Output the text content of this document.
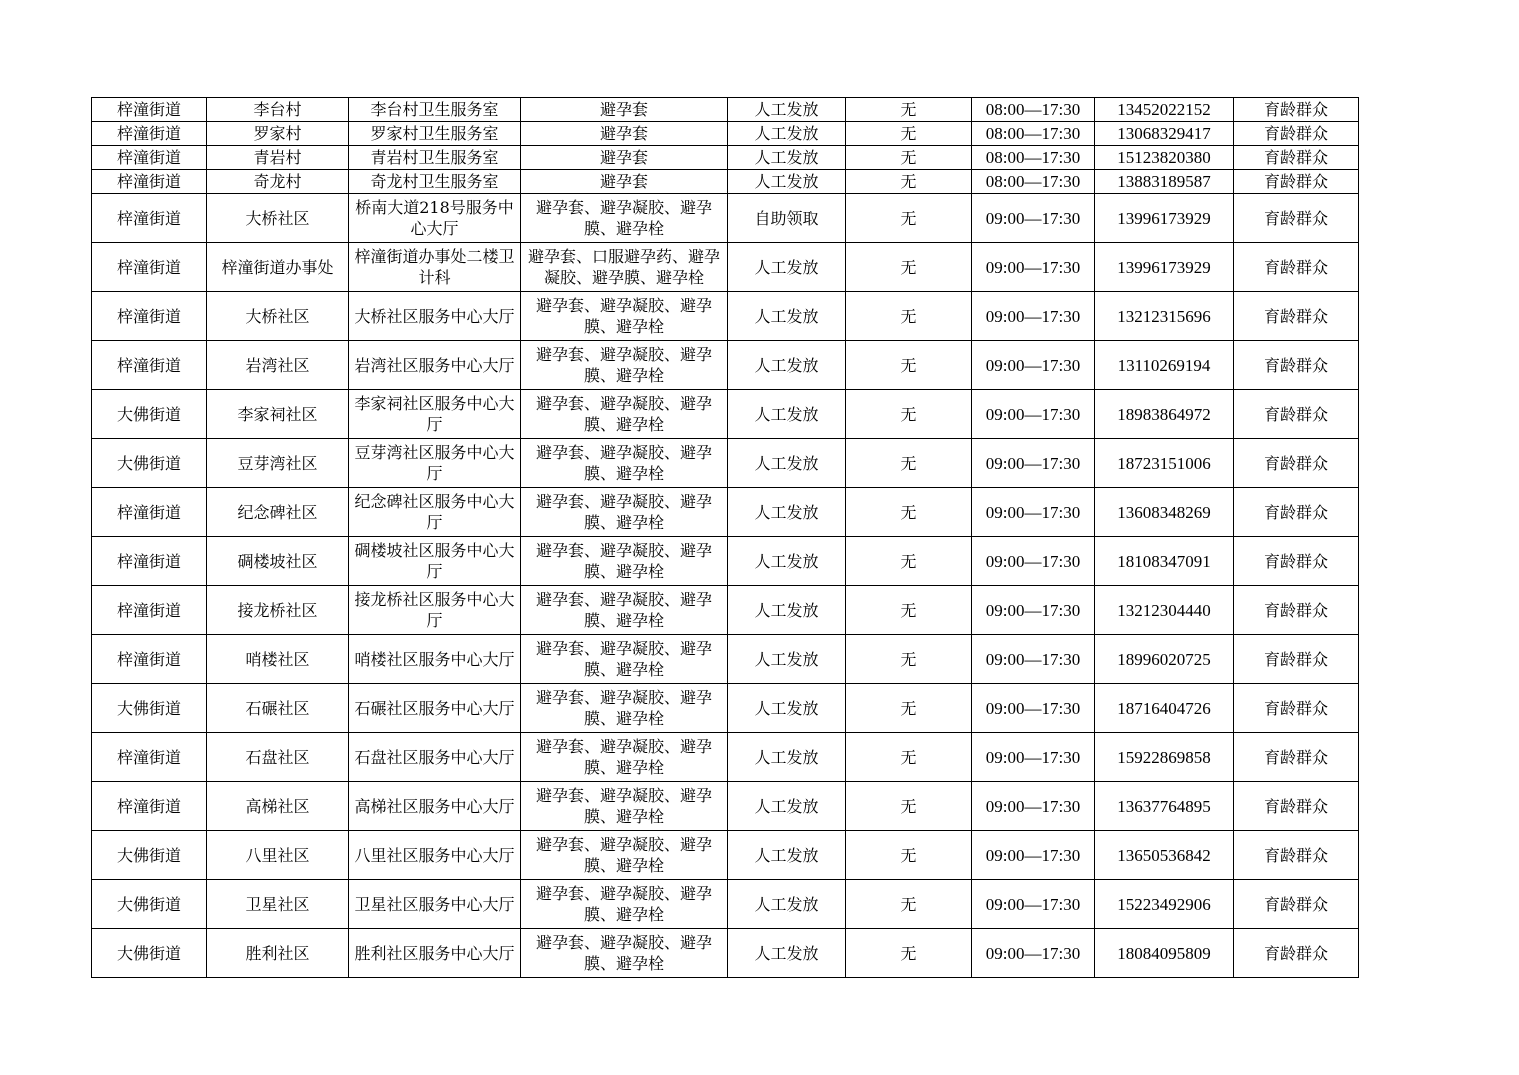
梓潼街道	李台村	李台村卫生服务室	避孕套	人工发放	无	08:00—17:30	13452022152	育龄群众
梓潼街道	罗家村	罗家村卫生服务室	避孕套	人工发放	无	08:00—17:30	13068329417	育龄群众
梓潼街道	青岩村	青岩村卫生服务室	避孕套	人工发放	无	08:00—17:30	15123820380	育龄群众
梓潼街道	奇龙村	奇龙村卫生服务室	避孕套	人工发放	无	08:00—17:30	13883189587	育龄群众
梓潼街道	大桥社区	桥南大道218号服务中心大厅	避孕套、避孕凝胶、避孕膜、避孕栓	自助领取	无	09:00—17:30	13996173929	育龄群众
梓潼街道	梓潼街道办事处	梓潼街道办事处二楼卫计科	避孕套、口服避孕药、避孕凝胶、避孕膜、避孕栓	人工发放	无	09:00—17:30	13996173929	育龄群众
梓潼街道	大桥社区	大桥社区服务中心大厅	避孕套、避孕凝胶、避孕膜、避孕栓	人工发放	无	09:00—17:30	13212315696	育龄群众
梓潼街道	岩湾社区	岩湾社区服务中心大厅	避孕套、避孕凝胶、避孕膜、避孕栓	人工发放	无	09:00—17:30	13110269194	育龄群众
大佛街道	李家祠社区	李家祠社区服务中心大厅	避孕套、避孕凝胶、避孕膜、避孕栓	人工发放	无	09:00—17:30	18983864972	育龄群众
大佛街道	豆芽湾社区	豆芽湾社区服务中心大厅	避孕套、避孕凝胶、避孕膜、避孕栓	人工发放	无	09:00—17:30	18723151006	育龄群众
梓潼街道	纪念碑社区	纪念碑社区服务中心大厅	避孕套、避孕凝胶、避孕膜、避孕栓	人工发放	无	09:00—17:30	13608348269	育龄群众
梓潼街道	碉楼坡社区	碉楼坡社区服务中心大厅	避孕套、避孕凝胶、避孕膜、避孕栓	人工发放	无	09:00—17:30	18108347091	育龄群众
梓潼街道	接龙桥社区	接龙桥社区服务中心大厅	避孕套、避孕凝胶、避孕膜、避孕栓	人工发放	无	09:00—17:30	13212304440	育龄群众
梓潼街道	哨楼社区	哨楼社区服务中心大厅	避孕套、避孕凝胶、避孕膜、避孕栓	人工发放	无	09:00—17:30	18996020725	育龄群众
大佛街道	石碾社区	石碾社区服务中心大厅	避孕套、避孕凝胶、避孕膜、避孕栓	人工发放	无	09:00—17:30	18716404726	育龄群众
梓潼街道	石盘社区	石盘社区服务中心大厅	避孕套、避孕凝胶、避孕膜、避孕栓	人工发放	无	09:00—17:30	15922869858	育龄群众
梓潼街道	高梯社区	高梯社区服务中心大厅	避孕套、避孕凝胶、避孕膜、避孕栓	人工发放	无	09:00—17:30	13637764895	育龄群众
大佛街道	八里社区	八里社区服务中心大厅	避孕套、避孕凝胶、避孕膜、避孕栓	人工发放	无	09:00—17:30	13650536842	育龄群众
大佛街道	卫星社区	卫星社区服务中心大厅	避孕套、避孕凝胶、避孕膜、避孕栓	人工发放	无	09:00—17:30	15223492906	育龄群众
大佛街道	胜利社区	胜利社区服务中心大厅	避孕套、避孕凝胶、避孕膜、避孕栓	人工发放	无	09:00—17:30	18084095809	育龄群众
